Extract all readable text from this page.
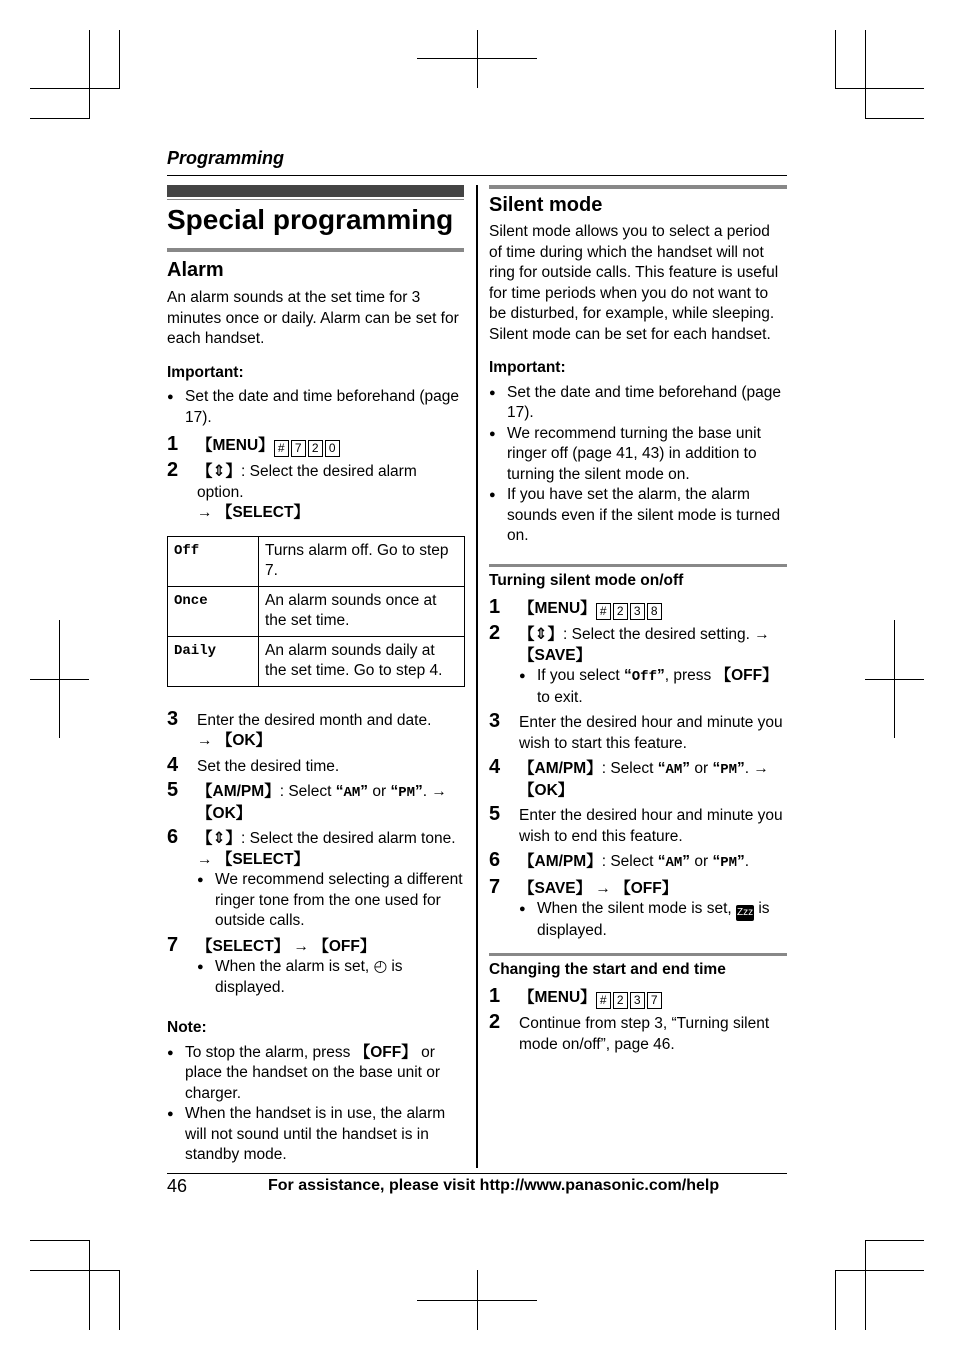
Programming
Special programming
Alarm

An alarm sounds at the set time for 3 minutes once or daily. Alarm can be set for each handset.

Important:

● Set the date and time beforehand (page 17).

1 【MENU】 # 7 2 0
2 【⇕】: Select the desired alarm option.
→ 【SELECT】
Off	Turns alarm off. Go to step 7.
Once	An alarm sounds once at the set time.
Daily	An alarm sounds daily at the set time. Go to step 4.
3 Enter the desired month and date.
→ 【OK】
4 Set the desired time.
5 【AM/PM】: Select “AM” or “PM”. →
【OK】
6 【⇕】: Select the desired alarm tone.
→ 【SELECT】

● We recommend selecting a different ringer tone from the one used for outside calls.

7 【SELECT】 → 【OFF】

● When the alarm is set, ◴ is displayed.

Note:

● To stop the alarm, press 【OFF】 or place the handset on the base unit or charger.

● When the handset is in use, the alarm will not sound until the handset is in standby mode.

Silent mode

Silent mode allows you to select a period of time during which the handset will not ring for outside calls. This feature is useful for time periods when you do not want to be disturbed, for example, while sleeping. Silent mode can be set for each handset.

Important:

● Set the date and time beforehand (page 17).

● We recommend turning the base unit ringer off (page 41, 43) in addition to turning the silent mode on.

● If you have set the alarm, the alarm sounds even if the silent mode is turned on.

Turning silent mode on/off

1 【MENU】 # 2 3 8
2 【⇕】: Select the desired setting. →
【SAVE】

● If you select “Off”, press 【OFF】 to exit.

3 Enter the desired hour and minute you wish to start this feature.
4 【AM/PM】: Select “AM” or “PM”. →
【OK】
5 Enter the desired hour and minute you wish to end this feature.
6 【AM/PM】: Select “AM” or “PM”.
7 【SAVE】 → 【OFF】

● When the silent mode is set, Zzz is displayed.

Changing the start and end time

1 【MENU】 # 2 3 7
2 Continue from step 3, “Turning silent mode on/off”, page 46.
46	For assistance, please visit http://www.panasonic.com/help
